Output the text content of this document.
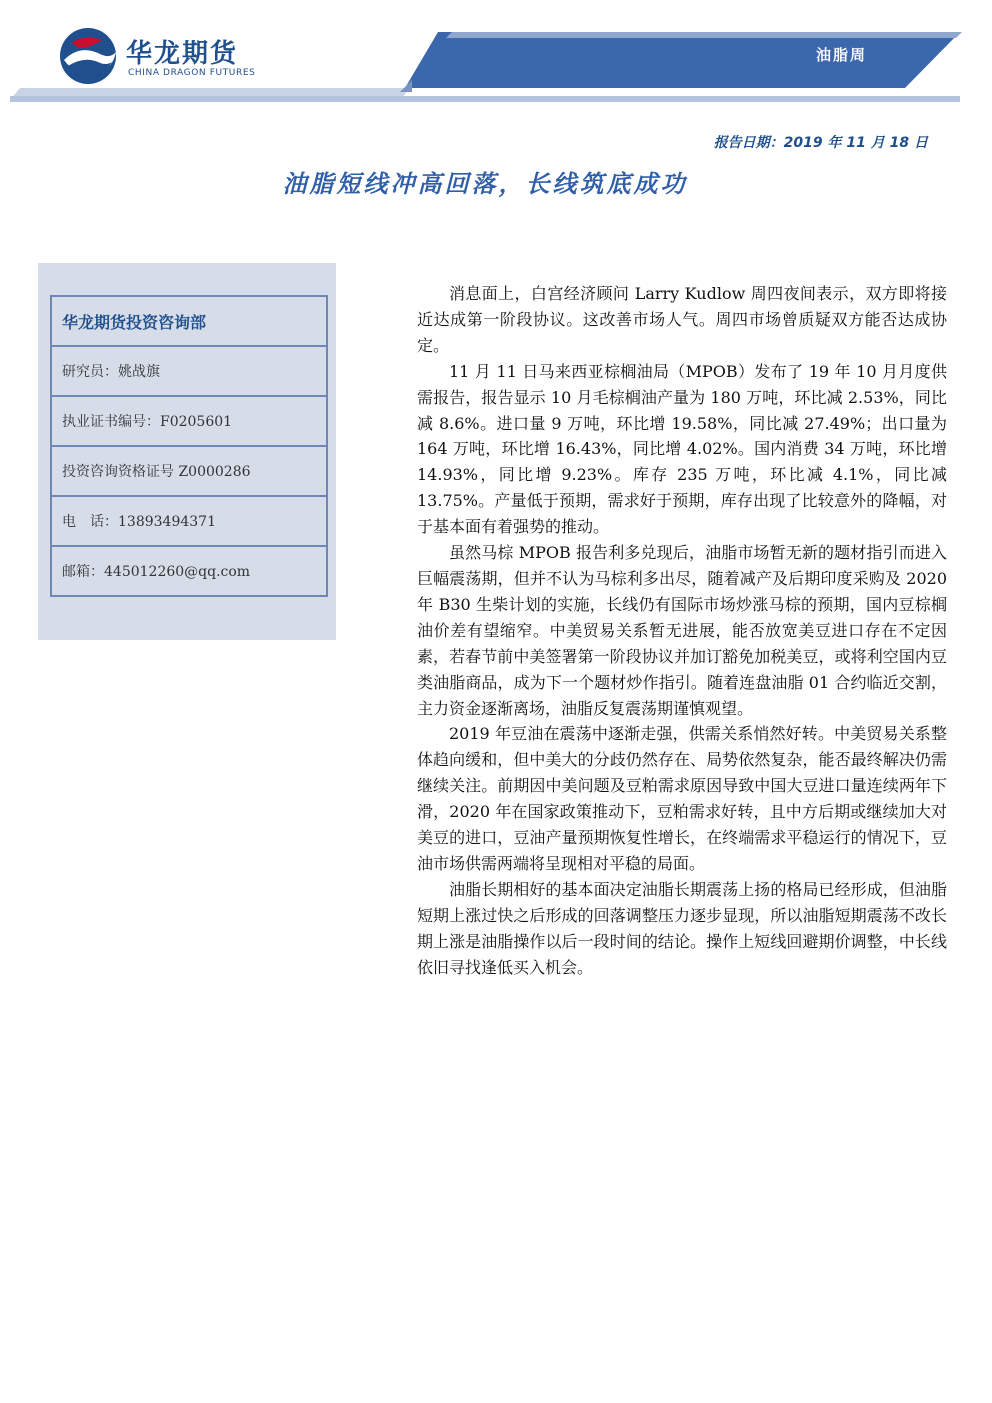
华龙期货
CHINA DRAGON FUTURES
油脂周
报告日期：2019 年 11 月 18 日
油脂短线冲高回落，长线筑底成功
华龙期货投资咨询部
研究员：姚战旗
执业证书编号：F0205601
投资咨询资格证号 Z0000286
电　话：13893494371
邮箱：445012260@qq.com

消息面上，白宫经济顾问 Larry Kudlow 周四夜间表示，双方即将接近达成第一阶段协议。这改善市场人气。周四市场曾质疑双方能否达成协定。

11 月 11 日马来西亚棕榈油局（MPOB）发布了 19 年 10 月月度供需报告，报告显示 10 月毛棕榈油产量为 180 万吨，环比减 2.53%，同比减 8.6%。进口量 9 万吨，环比增 19.58%，同比减 27.49%；出口量为 164 万吨，环比增 16.43%，同比增 4.02%。国内消费 34 万吨，环比增 14.93%，同比增 9.23%。库存 235 万吨，环比减 4.1%，同比减 13.75%。产量低于预期，需求好于预期，库存出现了比较意外的降幅，对于基本面有着强势的推动。

虽然马棕 MPOB 报告利多兑现后，油脂市场暂无新的题材指引而进入巨幅震荡期，但并不认为马棕利多出尽，随着减产及后期印度采购及 2020 年 B30 生柴计划的实施，长线仍有国际市场炒涨马棕的预期，国内豆棕榈油价差有望缩窄。中美贸易关系暂无进展，能否放宽美豆进口存在不定因素，若春节前中美签署第一阶段协议并加订豁免加税美豆，或将利空国内豆类油脂商品，成为下一个题材炒作指引。随着连盘油脂 01 合约临近交割，主力资金逐渐离场，油脂反复震荡期谨慎观望。

2019 年豆油在震荡中逐渐走强，供需关系悄然好转。中美贸易关系整体趋向缓和，但中美大的分歧仍然存在、局势依然复杂，能否最终解决仍需继续关注。前期因中美问题及豆粕需求原因导致中国大豆进口量连续两年下滑，2020 年在国家政策推动下，豆粕需求好转，且中方后期或继续加大对美豆的进口，豆油产量预期恢复性增长，在终端需求平稳运行的情况下，豆油市场供需两端将呈现相对平稳的局面。

油脂长期相好的基本面决定油脂长期震荡上扬的格局已经形成，但油脂短期上涨过快之后形成的回落调整压力逐步显现，所以油脂短期震荡不改长期上涨是油脂操作以后一段时间的结论。操作上短线回避期价调整，中长线依旧寻找逢低买入机会。
